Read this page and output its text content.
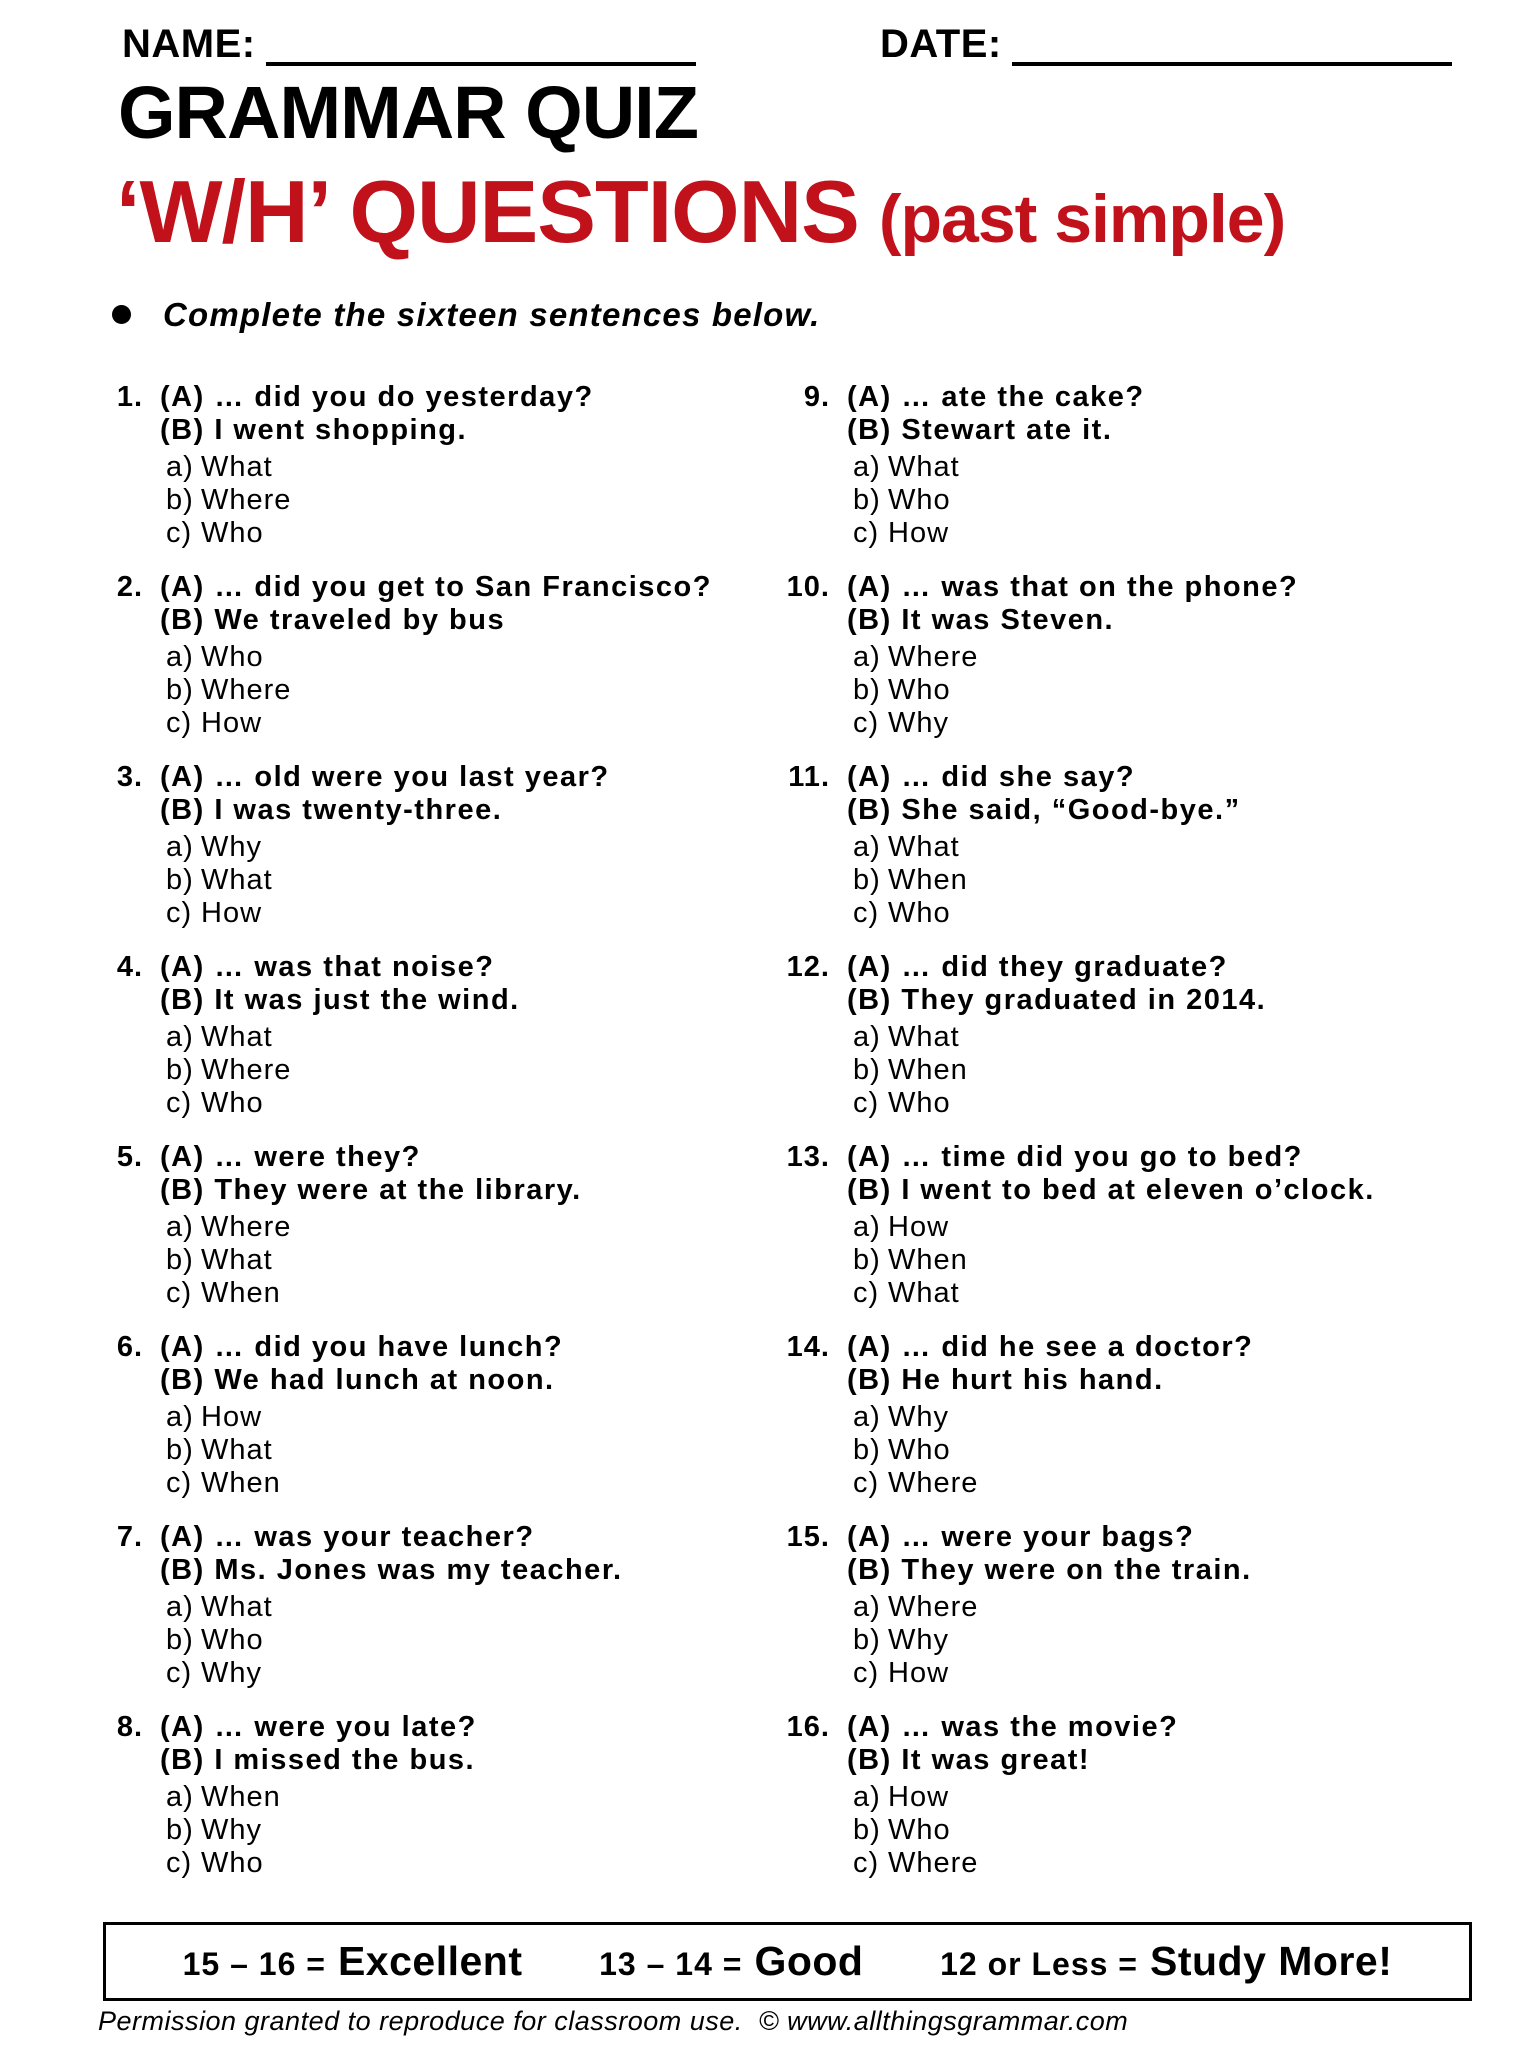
NAME:	DATE:
GRAMMAR QUIZ
‘W/H’ QUESTIONS (past simple)
Complete the sixteen sentences below.
1. (A) … did you do yesterday?
(B) I went shopping.
a) What
b) Where
c) Who
2. (A) … did you get to San Francisco?
(B) We traveled by bus
a) Who
b) Where
c) How
3. (A) … old were you last year?
(B) I was twenty-three.
a) Why
b) What
c) How
4. (A) … was that noise?
(B) It was just the wind.
a) What
b) Where
c) Who
5. (A) … were they?
(B) They were at the library.
a) Where
b) What
c) When
6. (A) … did you have lunch?
(B) We had lunch at noon.
a) How
b) What
c) When
7. (A) … was your teacher?
(B) Ms. Jones was my teacher.
a) What
b) Who
c) Why
8. (A) … were you late?
(B) I missed the bus.
a) When
b) Why
c) Who
9. (A) … ate the cake?
(B) Stewart ate it.
a) What
b) Who
c) How
10. (A) … was that on the phone?
(B) It was Steven.
a) Where
b) Who
c) Why
11. (A) … did she say?
(B) She said, “Good-bye.”
a) What
b) When
c) Who
12. (A) … did they graduate?
(B) They graduated in 2014.
a) What
b) When
c) Who
13. (A) … time did you go to bed?
(B) I went to bed at eleven o’clock.
a) How
b) When
c) What
14. (A) … did he see a doctor?
(B) He hurt his hand.
a) Why
b) Who
c) Where
15. (A) … were your bags?
(B) They were on the train.
a) Where
b) Why
c) How
16. (A) … was the movie?
(B) It was great!
a) How
b) Who
c) Where
15 – 16 = Excellent 13 – 14 = Good 12 or Less = Study More!
Permission granted to reproduce for classroom use.  © www.allthingsgrammar.com
